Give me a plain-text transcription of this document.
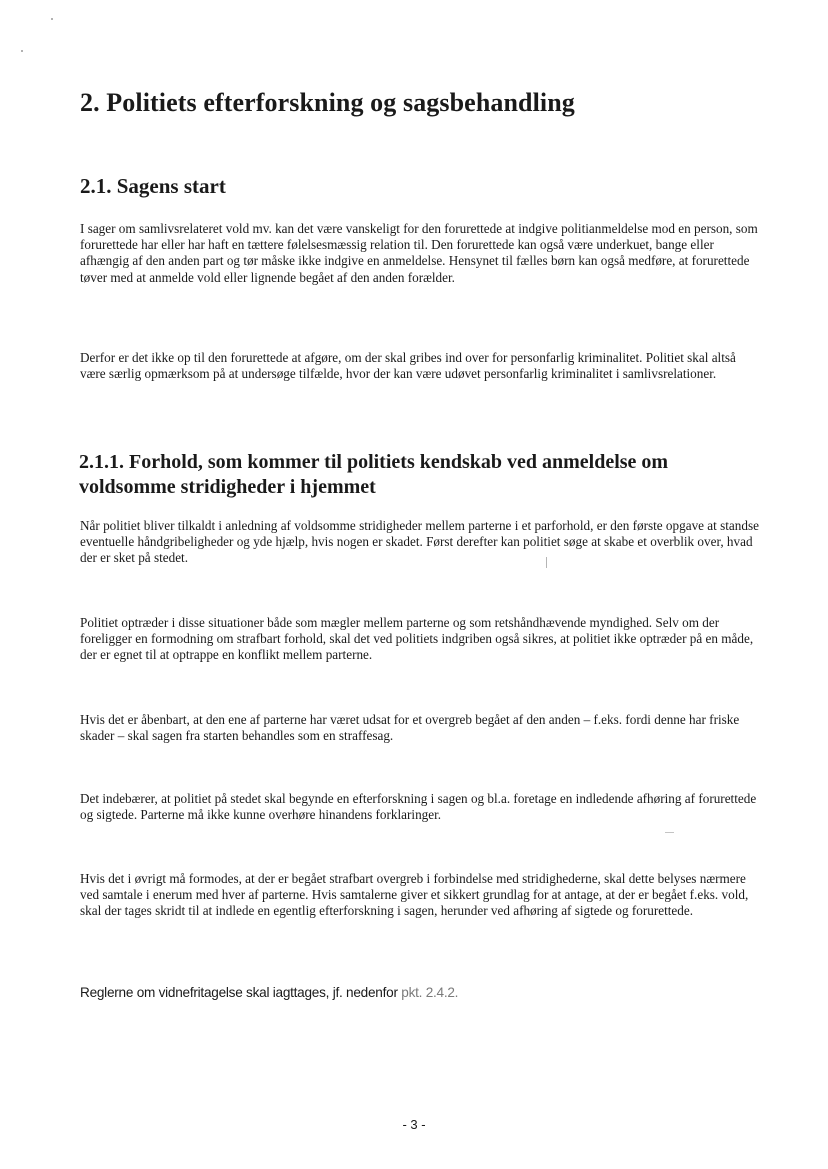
2. Politiets efterforskning og sagsbehandling
2.1. Sagens start

I sager om samlivsrelateret vold mv. kan det være vanskeligt for den forurettede at indgive politianmeldelse mod en person, som forurettede har eller har haft en tættere følelsesmæssig relation til. Den forurettede kan også være underkuet, bange eller afhængig af den anden part og tør måske ikke indgive en anmeldelse. Hensynet til fælles børn kan også medføre, at forurettede tøver med at anmelde vold eller lignende begået af den anden forælder.

Derfor er det ikke op til den forurettede at afgøre, om der skal gribes ind over for personfarlig kriminalitet. Politiet skal altså være særlig opmærksom på at undersøge tilfælde, hvor der kan være udøvet personfarlig kriminalitet i samlivsrelationer.

2.1.1. Forhold, som kommer til politiets kendskab ved anmeldelse om voldsomme stridigheder i hjemmet

Når politiet bliver tilkaldt i anledning af voldsomme stridigheder mellem parterne i et parforhold, er den første opgave at standse eventuelle håndgribeligheder og yde hjælp, hvis nogen er skadet. Først derefter kan politiet søge at skabe et overblik over, hvad der er sket på stedet.

Politiet optræder i disse situationer både som mægler mellem parterne og som retshåndhævende myndighed. Selv om der foreligger en formodning om strafbart forhold, skal det ved politiets indgriben også sikres, at politiet ikke optræder på en måde, der er egnet til at optrappe en konflikt mellem parterne.

Hvis det er åbenbart, at den ene af parterne har været udsat for et overgreb begået af den anden – f.eks. fordi denne har friske skader – skal sagen fra starten behandles som en straffesag.

Det indebærer, at politiet på stedet skal begynde en efterforskning i sagen og bl.a. foretage en indledende afhøring af forurettede og sigtede. Parterne må ikke kunne overhøre hinandens forklaringer.

Hvis det i øvrigt må formodes, at der er begået strafbart overgreb i forbindelse med stridighederne, skal dette belyses nærmere ved samtale i enerum med hver af parterne. Hvis samtalerne giver et sikkert grundlag for at antage, at der er begået f.eks. vold, skal der tages skridt til at indlede en egentlig efterforskning i sagen, herunder ved afhøring af sigtede og forurettede.

Reglerne om vidnefritagelse skal iagttages, jf. nedenfor pkt. 2.4.2.

- 3 -
